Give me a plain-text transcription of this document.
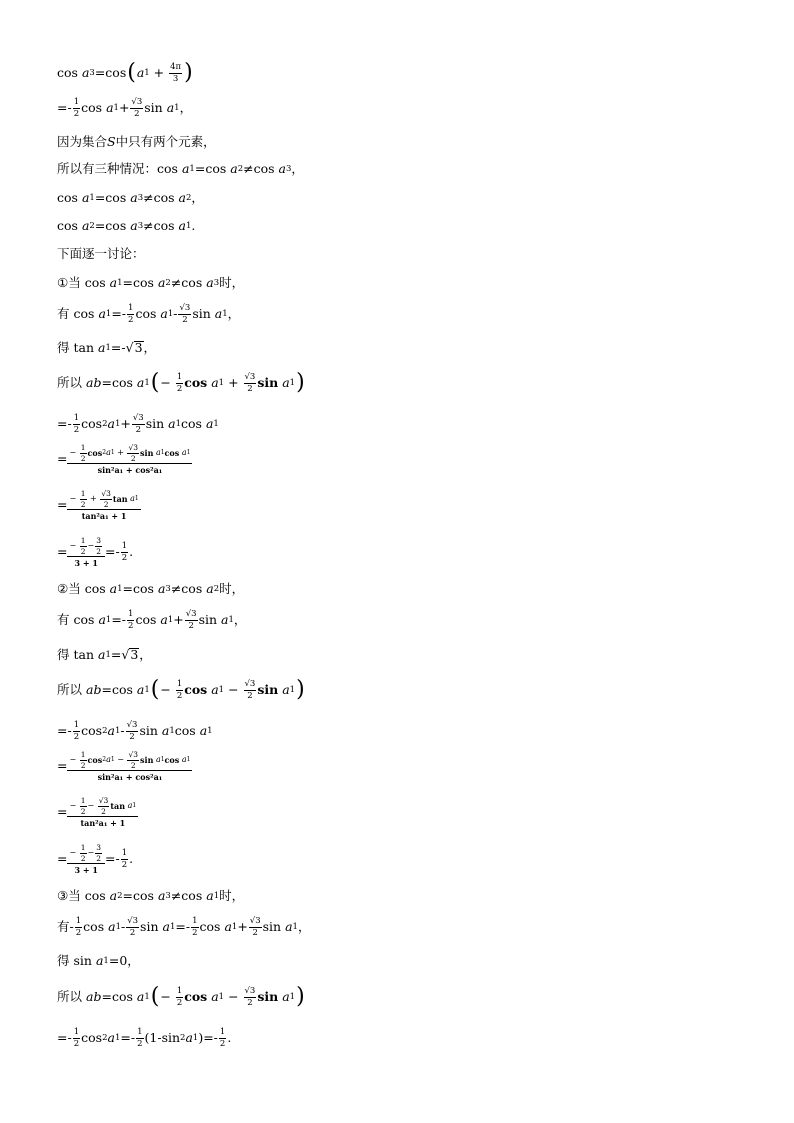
cos
a 3 =cos ( a 1 + 4π
3 )
=- 1
2 cos
a 1 + √3
2 sin
a 1 ，
因为集合 S 中只有两个元素，
所以有三种情况： cos
a 1 = cos
a 2 ≠ cos
a 3 ，
cos
a 1 = cos
a 3 ≠ cos
a 2 ，
cos
a 2 = cos
a 3 ≠ cos
a 1 .
下面逐一讨论：
①当
cos
a 1 = cos
a 2 ≠ cos
a 3 时，
有
cos
a 1 =- 1
2 cos
a 1 - √3
2 sin
a 1 ，
得
tan
a 1 =-√ 3 ，
所以
ab = cos
a 1 ( − 1
2 cos
a 1 + √3
2 sin
a 1 )
=- 1
2 cos 2 a 1 + √3
2 sin
a 1 cos
a 1
= −
1
2 cos 2 a 1 +
√3
2 sin
a 1 cos
a 1
sin²a₁ + cos²a₁
= −
1
2
+
√3
2 tan
a 1
tan²a₁ + 1
= −
1
2
−
3
2
3 + 1
=- 1
2 .
②当
cos
a 1 = cos
a 3 ≠ cos
a 2 时，
有
cos
a 1 =- 1
2 cos
a 1 + √3
2 sin
a 1 ，
得
tan
a 1 =√ 3 ，
所以
ab = cos
a 1 ( − 1
2 cos
a 1 − √3
2 sin
a 1 )
=- 1
2 cos 2 a 1 - √3
2 sin
a 1 cos
a 1
= −
1
2 cos 2 a 1 −
√3
2 sin
a 1 cos
a 1
sin²a₁ + cos²a₁
= −
1
2
−
√3
2 tan
a 1
tan²a₁ + 1
= −
1
2
−
3
2
3 + 1
=- 1
2 .
③当
cos
a 2 = cos
a 3 ≠ cos
a 1 时，
有 - 1
2 cos
a 1 - √3
2 sin
a 1 =- 1
2 cos
a 1 + √3
2 sin
a 1 ，
得
sin
a 1 = 0 ，
所以
ab = cos
a 1 ( − 1
2 cos
a 1 − √3
2 sin
a 1 )
=- 1
2 cos 2 a 1 =- 1
2 (1- sin 2 a 1 )=- 1
2 .
